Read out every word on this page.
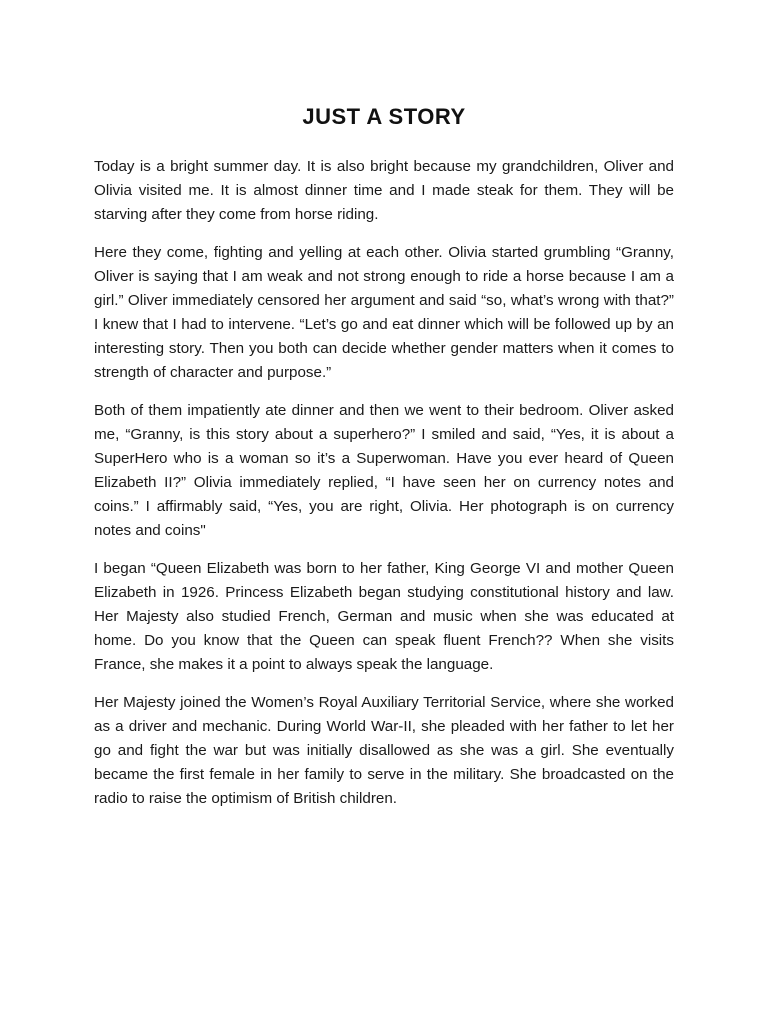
JUST A STORY

Today is a bright summer day. It is also bright because my grandchildren, Oliver and Olivia visited me. It is almost dinner time and I made steak for them. They will be starving after they come from horse riding.

Here they come, fighting and yelling at each other. Olivia started grumbling “Granny, Oliver is saying that I am weak and not strong enough to ride a horse because I am a girl.” Oliver immediately censored her argument and said “so, what’s wrong with that?” I knew that I had to intervene. “Let’s go and eat dinner which will be followed up by an interesting story. Then you both can decide whether gender matters when it comes to strength of character and purpose.”

Both of them impatiently ate dinner and then we went to their bedroom. Oliver asked me, “Granny, is this story about a superhero?” I smiled and said, “Yes, it is about a SuperHero who is a woman so it’s a Superwoman. Have you ever heard of Queen Elizabeth II?” Olivia immediately replied, “I have seen her on currency notes and coins.” I affirmably said, “Yes, you are right, Olivia. Her photograph is on currency notes and coins"

I began “Queen Elizabeth was born to her father, King George VI and mother Queen Elizabeth in 1926. Princess Elizabeth began studying constitutional history and law. Her Majesty also studied French, German and music when she was educated at home. Do you know that the Queen can speak fluent French?? When she visits France, she makes it a point to always speak the language.

Her Majesty joined the Women’s Royal Auxiliary Territorial Service, where she worked as a driver and mechanic. During World War-II, she pleaded with her father to let her go and fight the war but was initially disallowed as she was a girl. She eventually became the first female in her family to serve in the military. She broadcasted on the radio to raise the optimism of British children.
